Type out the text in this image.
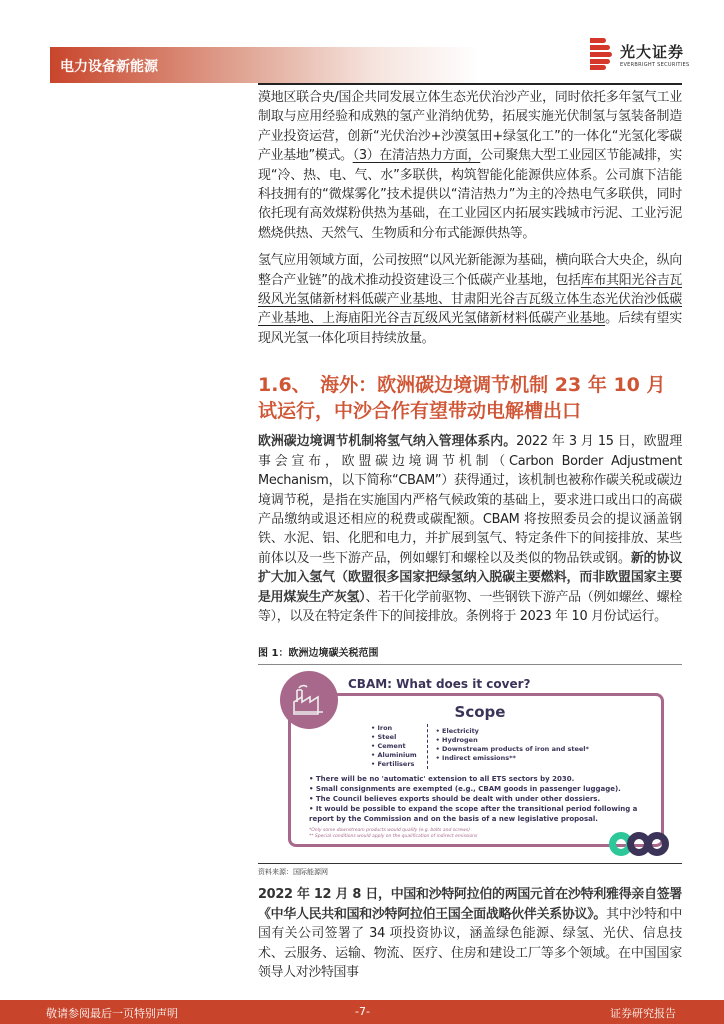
电力设备新能源
光大证券
EVERBRIGHT SECURITIES
漠地区联合央/国企共同发展立体生态光伏治沙产业，同时依托多年氢气工业制取与应用经验和成熟的氢产业消纳优势，拓展实施光伏制氢与氢装备制造产业投资运营，创新“光伏治沙+沙漠氢田+绿氢化工”的一体化“光氢化零碳产业基地”模式。（3）在清洁热力方面，公司聚焦大型工业园区节能减排，实现“冷、热、电、气、水”多联供，构筑智能化能源供应体系。公司旗下洁能科技拥有的“微煤雾化”技术提供以“清洁热力”为主的冷热电气多联供，同时依托现有高效煤粉供热为基础，在工业园区内拓展实践城市污泥、工业污泥燃烧供热、天然气、生物质和分布式能源供热等。
氢气应用领域方面，公司按照“以风光新能源为基础，横向联合大央企，纵向整合产业链”的战术推动投资建设三个低碳产业基地，包括库布其阳光谷吉瓦级风光氢储新材料低碳产业基地、甘肃阳光谷吉瓦级立体生态光伏治沙低碳产业基地、上海庙阳光谷吉瓦级风光氢储新材料低碳产业基地。后续有望实现风光氢一体化项目持续放量。
1.6、　海外：欧洲碳边境调节机制 23 年 10 月试运行，中沙合作有望带动电解槽出口
欧洲碳边境调节机制将氢气纳入管理体系内。2022 年 3 月 15 日，欧盟理事会宣布，欧盟碳边境调节机制（Carbon Border Adjustment Mechanism，以下简称“CBAM”）获得通过，该机制也被称作碳关税或碳边境调节税，是指在实施国内严格气候政策的基础上，要求进口或出口的高碳产品缴纳或退还相应的税费或碳配额。CBAM 将按照委员会的提议涵盖钢铁、水泥、铝、化肥和电力，并扩展到氢气、特定条件下的间接排放、某些前体以及一些下游产品，例如螺钉和螺栓以及类似的物品铁或钢。新的协议扩大加入氢气（欧盟很多国家把绿氢纳入脱碳主要燃料，而非欧盟国家主要是用煤炭生产灰氢）、若干化学前驱物、一些钢铁下游产品（例如螺丝、螺栓等），以及在特定条件下的间接排放。条例将于 2023 年 10 月份试运行。
图 1：欧洲边境碳关税范围
CBAM: What does it cover?
Scope
• Iron
• Steel
• Cement
• Aluminium
• Fertilisers
• Electricity
• Hydrogen
• Downstream products of iron and steel*
• Indirect emissions**
• There will be no 'automatic' extension to all ETS sectors by 2030.
• Small consignments are exempted (e.g., CBAM goods in passenger luggage).
• The Council believes exports should be dealt with under other dossiers.
• It would be possible to expand the scope after the transitional period following a report by the Commission and on the basis of a new legislative proposal.
*Only some downstream products would qualify (e.g. bolts and screws)
** Special conditions would apply on the qualification of indirect emissions
资料来源：国际能源网
2022 年 12 月 8 日，中国和沙特阿拉伯的两国元首在沙特利雅得亲自签署《中华人民共和国和沙特阿拉伯王国全面战略伙伴关系协议》。其中沙特和中国有关公司签署了 34 项投资协议，涵盖绿色能源、绿氢、光伏、信息技术、云服务、运输、物流、医疗、住房和建设工厂等多个领域。在中国国家领导人对沙特国事
敬请参阅最后一页特别声明	-7-	证券研究报告
